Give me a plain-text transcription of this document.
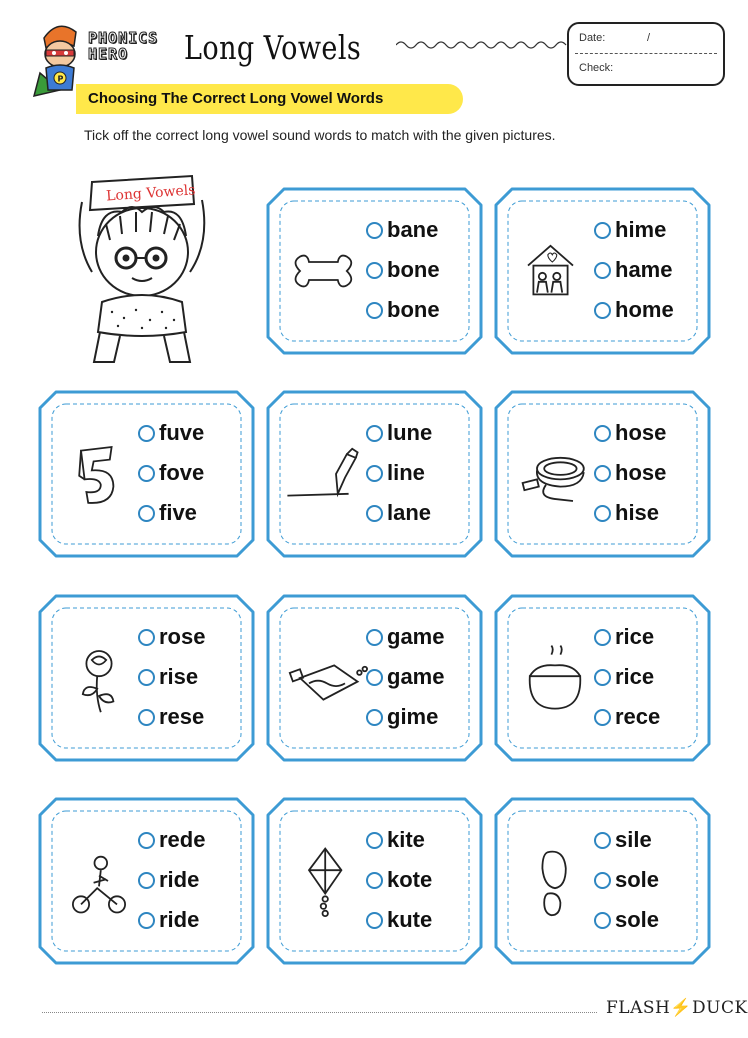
P
PHONICS
HERO	Long Vowels	Date:	/
Check:
Choosing The Correct Long Vowel Words
Tick off the correct long vowel sound words to match with the given pictures.
Long Vowels
bane
bone
bone
hime
hame
home
fuve
fove
five
lune
line
lane
hose
hose
hise
rose
rise
rese
game
game
gime
rice
rice
rece
rede
ride
ride
kite
kote
kute
sile
sole
sole
FLASH⚡DUCK
